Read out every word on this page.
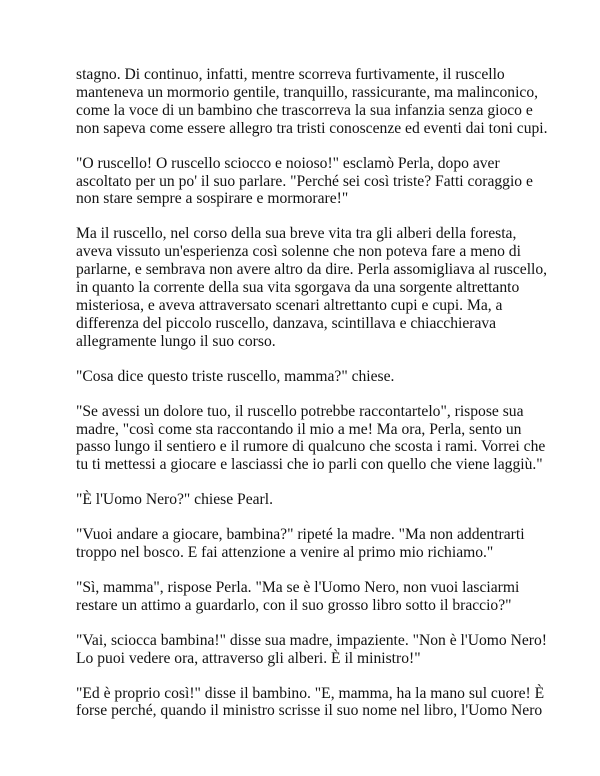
stagno. Di continuo, infatti, mentre scorreva furtivamente, il ruscello
manteneva un mormorio gentile, tranquillo, rassicurante, ma malinconico,
come la voce di un bambino che trascorreva la sua infanzia senza gioco e
non sapeva come essere allegro tra tristi conoscenze ed eventi dai toni cupi.

"O ruscello! O ruscello sciocco e noioso!" esclamò Perla, dopo aver
ascoltato per un po' il suo parlare. "Perché sei così triste? Fatti coraggio e
non stare sempre a sospirare e mormorare!"

Ma il ruscello, nel corso della sua breve vita tra gli alberi della foresta,
aveva vissuto un'esperienza così solenne che non poteva fare a meno di
parlarne, e sembrava non avere altro da dire. Perla assomigliava al ruscello,
in quanto la corrente della sua vita sgorgava da una sorgente altrettanto
misteriosa, e aveva attraversato scenari altrettanto cupi e cupi. Ma, a
differenza del piccolo ruscello, danzava, scintillava e chiacchierava
allegramente lungo il suo corso.

"Cosa dice questo triste ruscello, mamma?" chiese.

"Se avessi un dolore tuo, il ruscello potrebbe raccontartelo", rispose sua
madre, "così come sta raccontando il mio a me! Ma ora, Perla, sento un
passo lungo il sentiero e il rumore di qualcuno che scosta i rami. Vorrei che
tu ti mettessi a giocare e lasciassi che io parli con quello che viene laggiù."

"È l'Uomo Nero?" chiese Pearl.

"Vuoi andare a giocare, bambina?" ripeté la madre. "Ma non addentrarti
troppo nel bosco. E fai attenzione a venire al primo mio richiamo."

"Sì, mamma", rispose Perla. "Ma se è l'Uomo Nero, non vuoi lasciarmi
restare un attimo a guardarlo, con il suo grosso libro sotto il braccio?"

"Vai, sciocca bambina!" disse sua madre, impaziente. "Non è l'Uomo Nero!
Lo puoi vedere ora, attraverso gli alberi. È il ministro!"

"Ed è proprio così!" disse il bambino. "E, mamma, ha la mano sul cuore! È
forse perché, quando il ministro scrisse il suo nome nel libro, l'Uomo Nero
